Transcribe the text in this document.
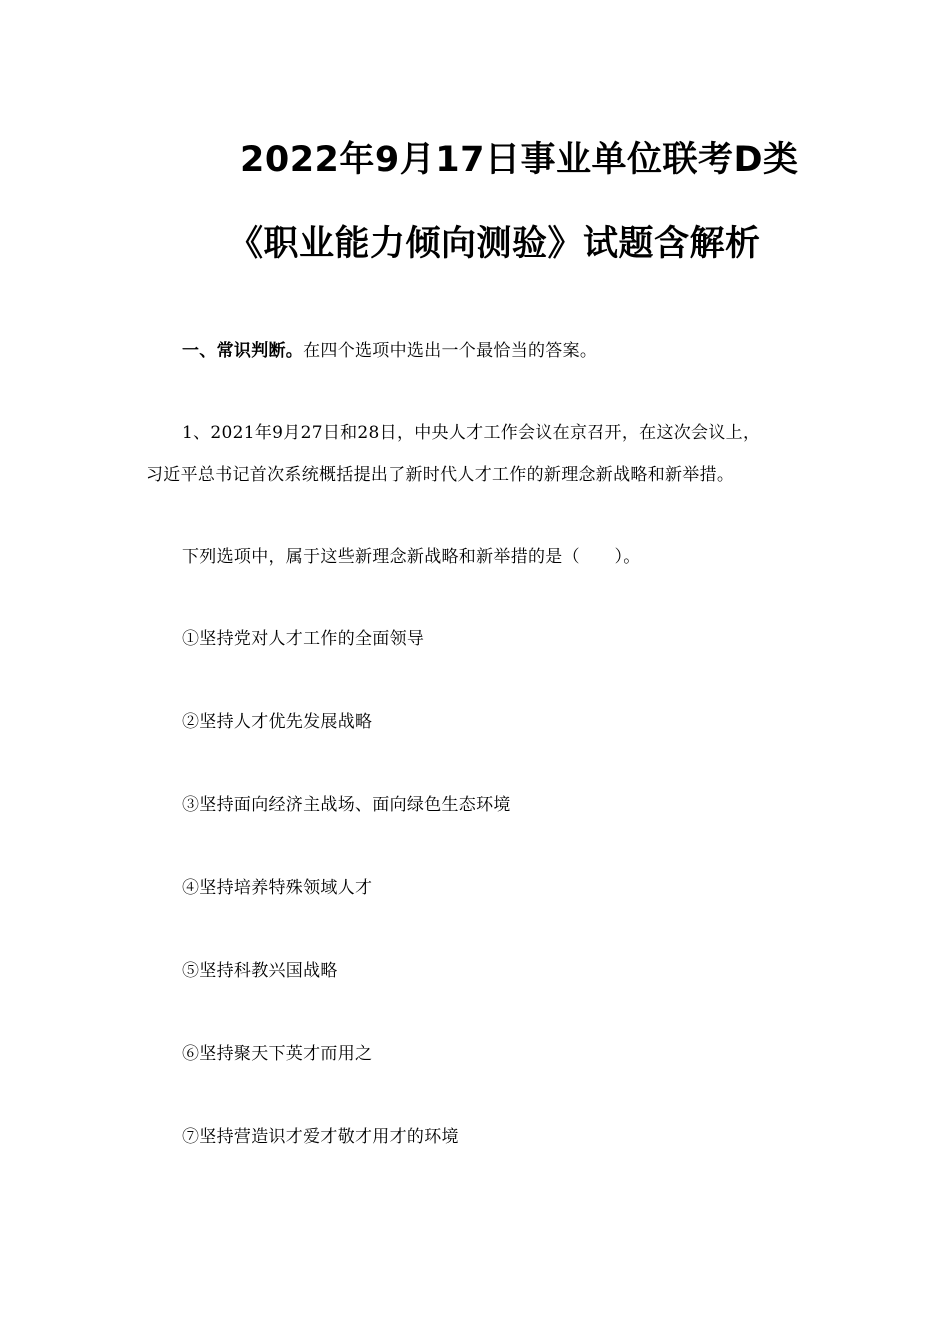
2022年9月17日事业单位联考D类
《职业能力倾向测验》试题含解析
一、常识判断。在四个选项中选出一个最恰当的答案。
1、2021年9月27日和28日，中央人才工作会议在京召开，在这次会议上，
习近平总书记首次系统概括提出了新时代人才工作的新理念新战略和新举措。
下列选项中，属于这些新理念新战略和新举措的是（　　）。
①坚持党对人才工作的全面领导
②坚持人才优先发展战略
③坚持面向经济主战场、面向绿色生态环境
④坚持培养特殊领域人才
⑤坚持科教兴国战略
⑥坚持聚天下英才而用之
⑦坚持营造识才爱才敬才用才的环境
